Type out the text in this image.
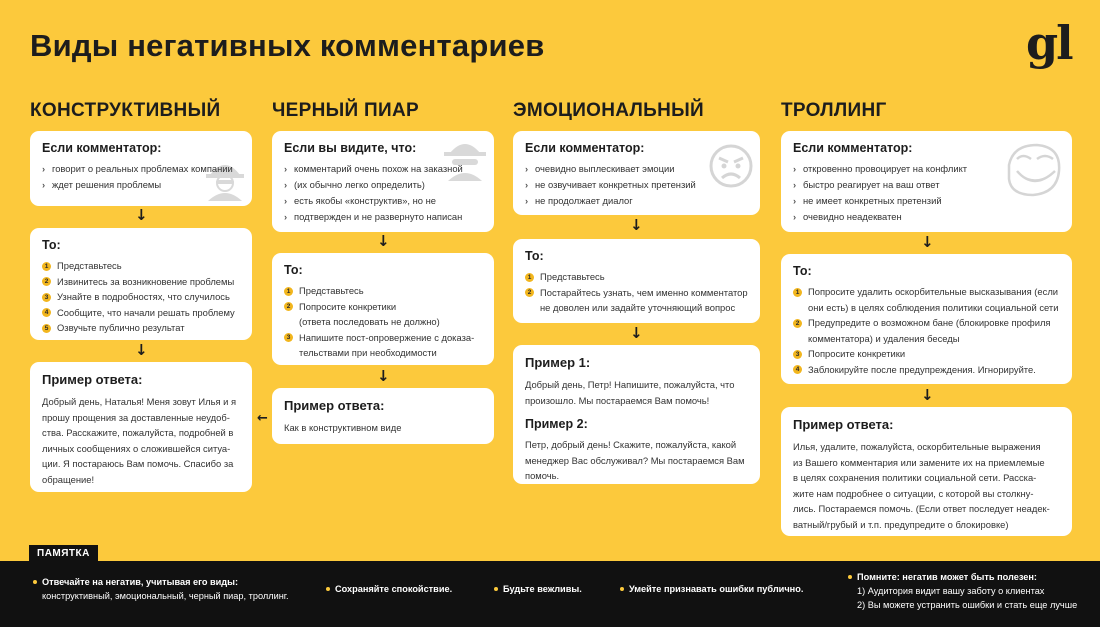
Виды негативных комментариев	gl
КОНСТРУКТИВНЫЙ	ЧЕРНЫЙ ПИАР	ЭМОЦИОНАЛЬНЫЙ	ТРОЛЛИНГ
Если комментатор:
› говорит о реальных проблемах компании
› ждет решения проблемы
↓
То:
1 Представьтесь
2 Извинитесь за возникновение проблемы
3 Узнайте в подробностях, что случилось
4 Сообщите, что начали решать проблему
5 Озвучьте публично результат
↓
Пример ответа:
Добрый день, Наталья! Меня зовут Илья и я
прошу прощения за доставленные неудоб-
ства. Расскажите, пожалуйста, подробней в
личных сообщениях о сложившейся ситуа-
ции. Я постараюсь Вам помочь. Спасибо за
обращение!
Если вы видите, что:
› комментарий очень похож на заказной
› (их обычно легко определить)
› есть якобы «конструктив», но не
› подтвержден и не развернуто написан
↓
То:
1 Представьтесь
2 Попросите конкретики
(ответа последовать не должно)
3 Напишите пост-опровержение с доказа-
тельствами при необходимости
↓
Пример ответа:
Как в конструктивном виде
←
Если комментатор:
› очевидно выплескивает эмоции
› не озвучивает конкретных претензий
› не продолжает диалог
↓
То:
1 Представьтесь
2 Постарайтесь узнать, чем именно комментатор
не доволен или задайте уточняющий вопрос
↓
Пример 1:
Добрый день, Петр! Напишите, пожалуйста, что
произошло. Мы постараемся Вам помочь!
Пример 2:
Петр, добрый день! Скажите, пожалуйста, какой
менеджер Вас обслуживал? Мы постараемся Вам
помочь.
Если комментатор:
› откровенно провоцирует на конфликт
› быстро реагирует на ваш ответ
› не имеет конкретных претензий
› очевидно неадекватен
↓
То:
1 Попросите удалить оскорбительные высказывания (если
они есть) в целях соблюдения политики социальной сети
2 Предупредите о возможном бане (блокировке профиля
комментатора) и удаления беседы
3 Попросите конкретики
4 Заблокируйте после предупреждения. Игнорируйте.
↓
Пример ответа:
Илья, удалите, пожалуйста, оскорбительные выражения
из Вашего комментария или замените их на приемлемые
в целях сохранения политики социальной сети. Расска-
жите нам подробнее о ситуации, с которой вы столкну-
лись. Постараемся помочь. (Если ответ последует неадек-
ватный/грубый и т.п. предупредите о блокировке)
ПАМЯТКА
Отвечайте на негатив, учитывая его виды:
конструктивный, эмоциональный, черный пиар, троллинг.
Сохраняйте спокойствие.	Будьте вежливы.	Умейте признавать ошибки публично.
Помните: негатив может быть полезен:
1) Аудитория видит вашу заботу о клиентах
2) Вы можете устранить ошибки и стать еще лучше
